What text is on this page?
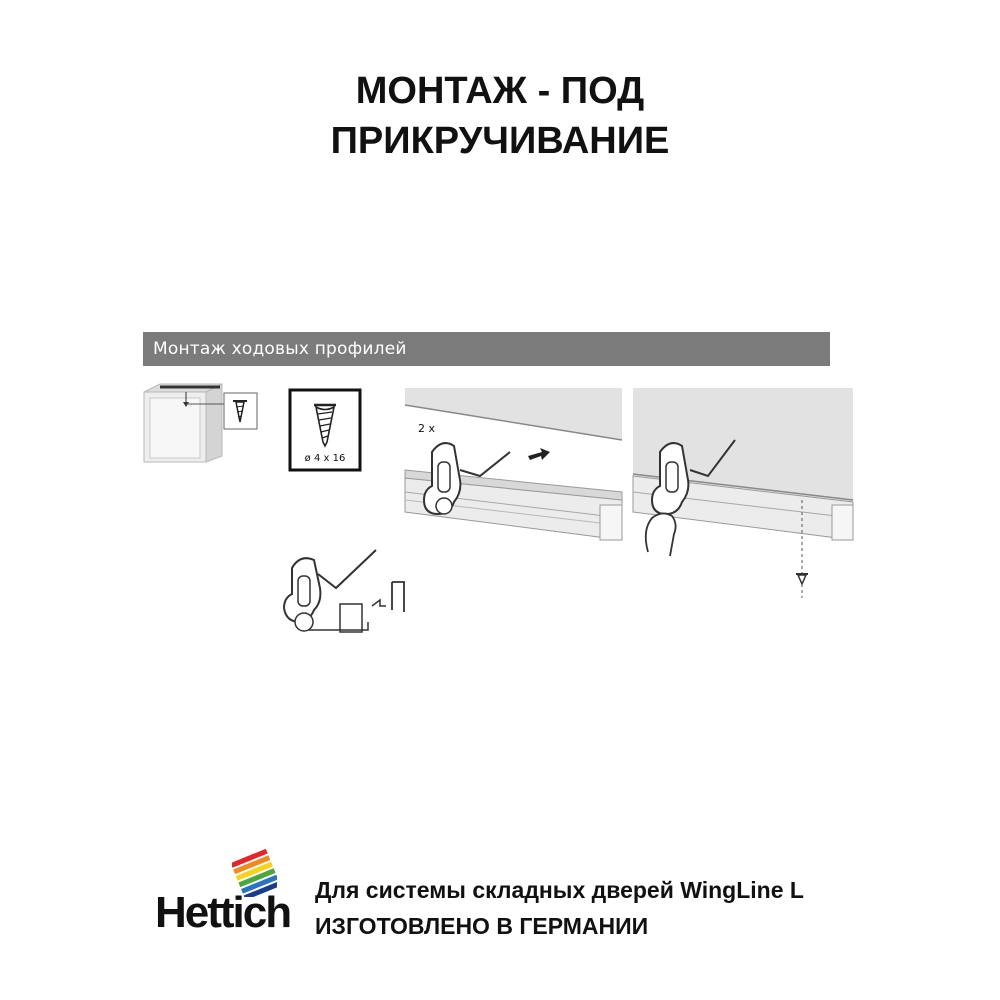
МОНТАЖ - ПОД
ПРИКРУЧИВАНИЕ
Монтаж ходовых профилей
ø 4 x 16
2 x
Hettich Для системы складных дверей WingLine L
ИЗГОТОВЛЕНО В ГЕРМАНИИ
